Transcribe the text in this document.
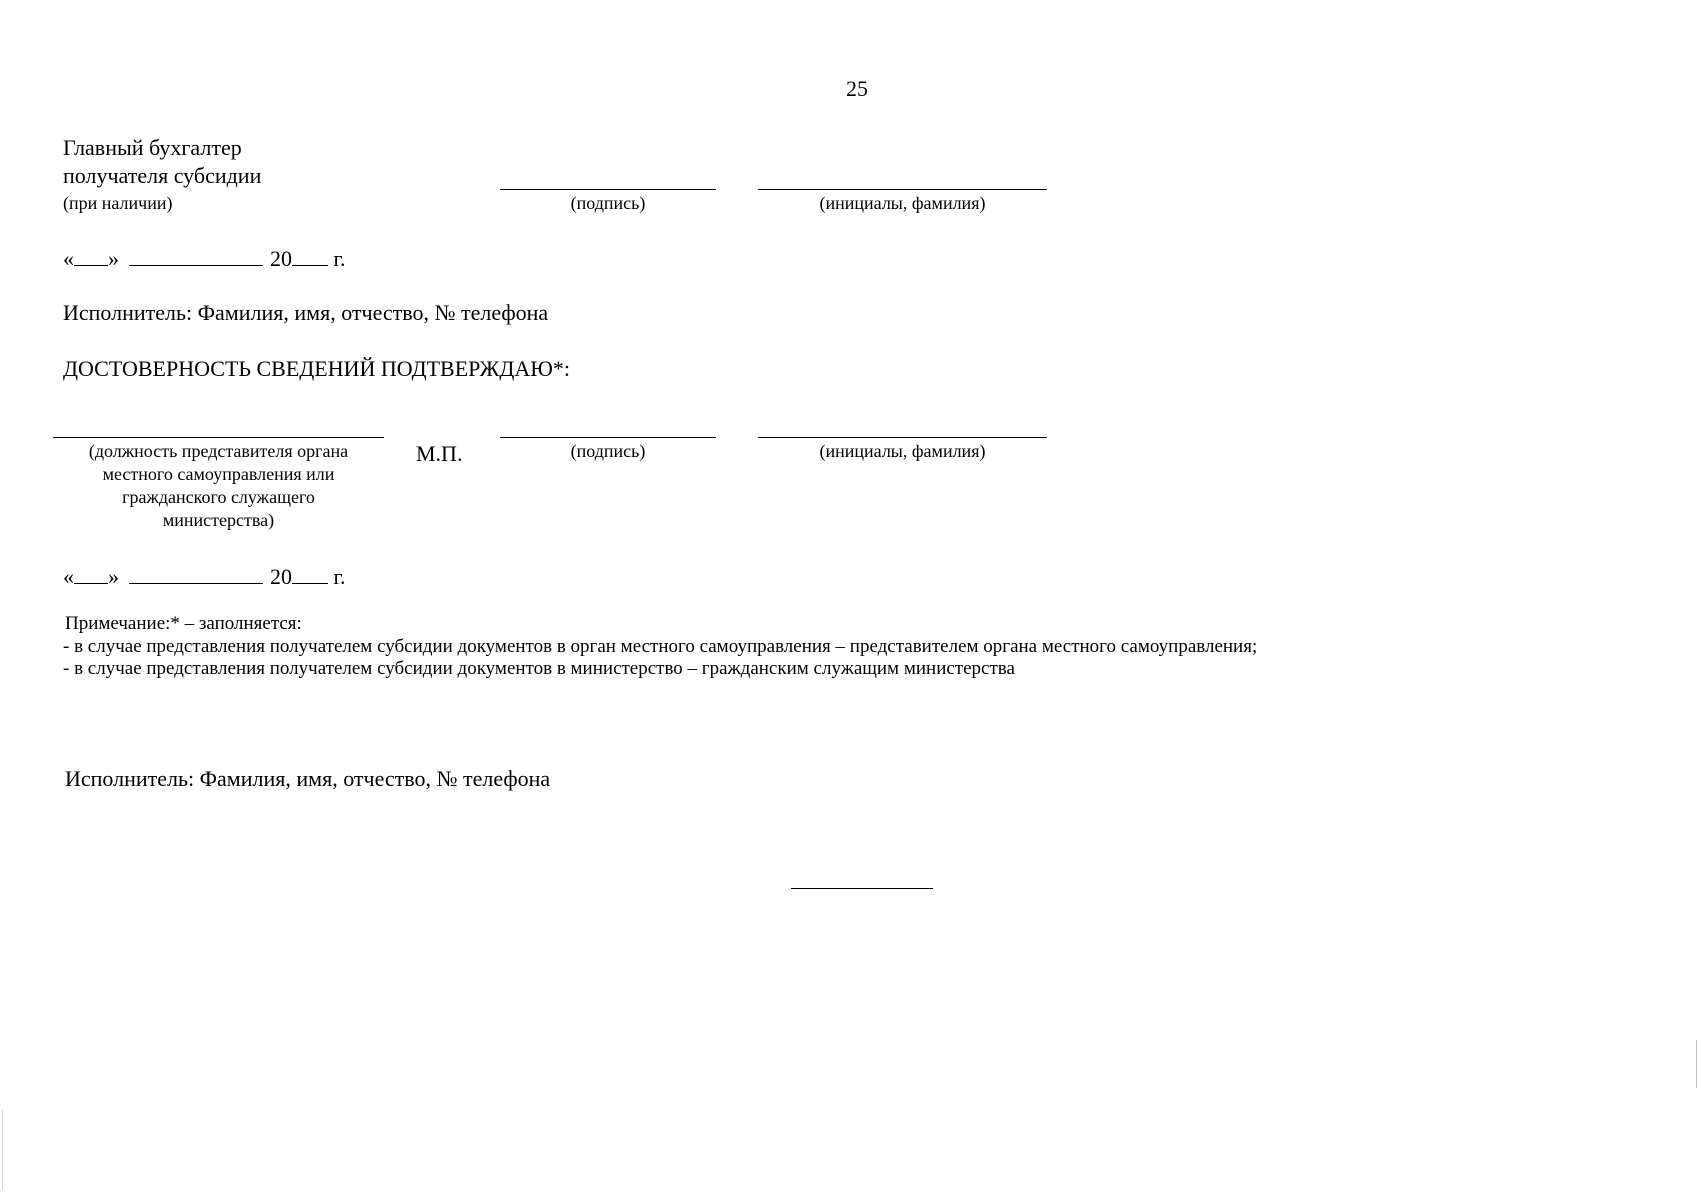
25
Главный бухгалтер
получателя субсидии
(при наличии)	(подпись)	(инициалы, фамилия)
« »	20 г.
Исполнитель: Фамилия, имя, отчество, № телефона
ДОСТОВЕРНОСТЬ СВЕДЕНИЙ ПОДТВЕРЖДАЮ*:
(должность представителя органа
местного самоуправления или
гражданского служащего
министерства)
М.П.	(подпись)	(инициалы, фамилия)
« »	20 г.
Примечание:* – заполняется:
- в случае представления получателем субсидии документов в орган местного самоуправления – представителем органа местного самоуправления;
- в случае представления получателем субсидии документов в министерство – гражданским служащим министерства
Исполнитель: Фамилия, имя, отчество, № телефона
